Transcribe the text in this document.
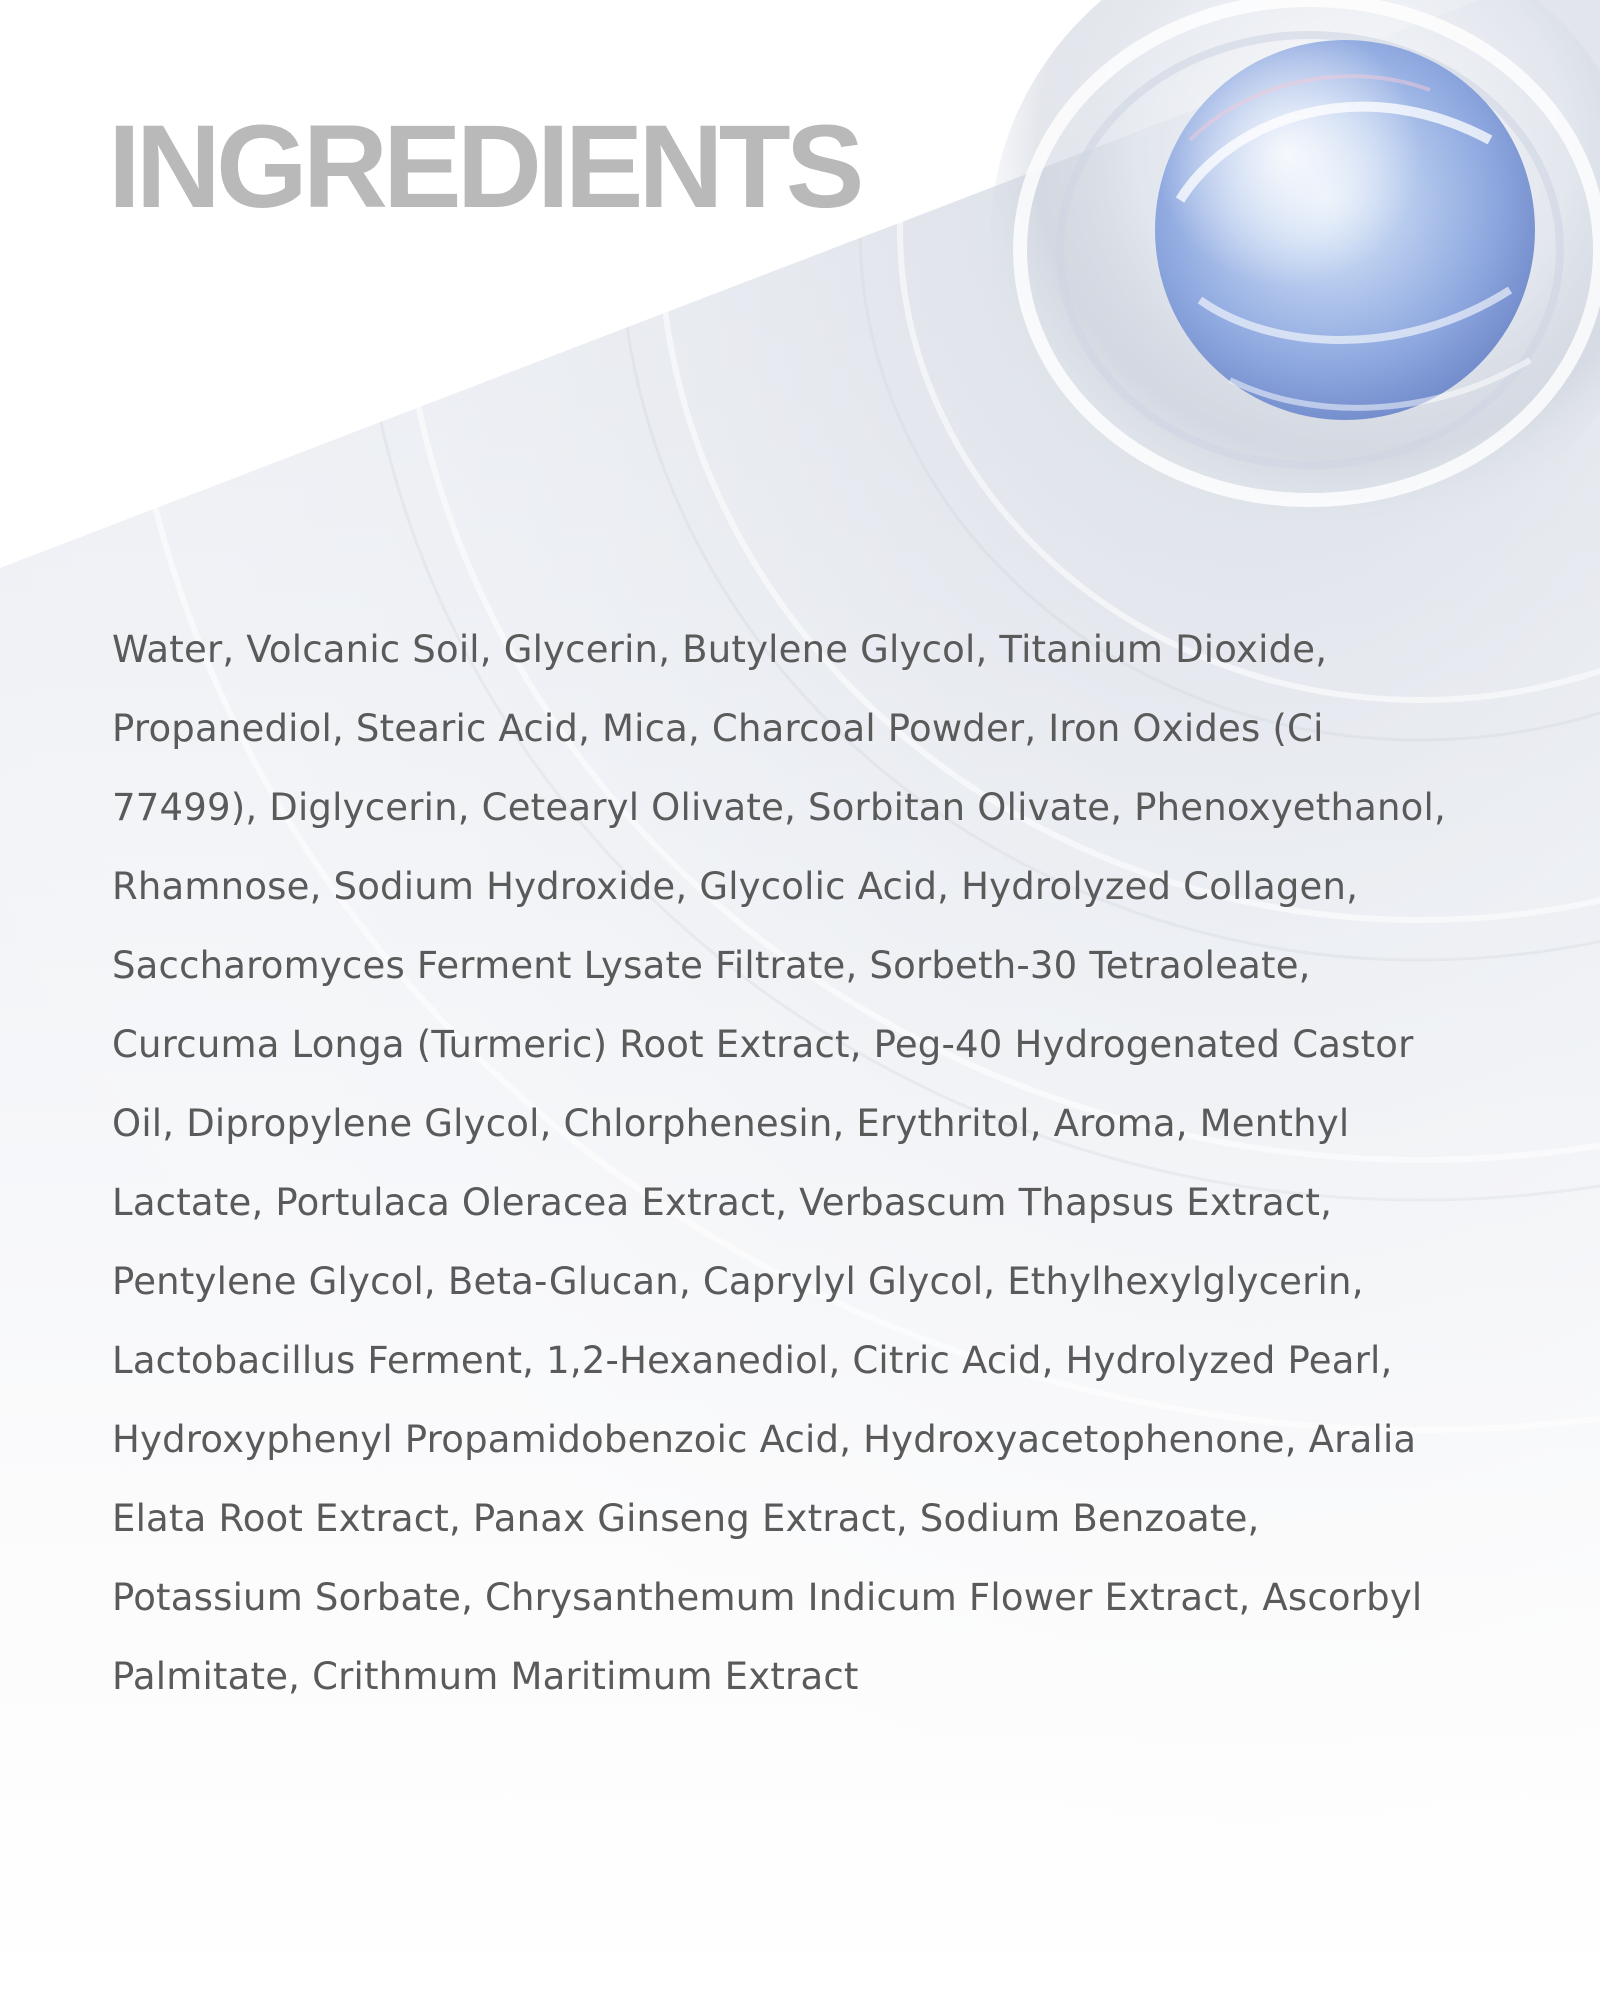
INGREDIENTS

Water, Volcanic Soil, Glycerin, Butylene Glycol, Titanium Dioxide,
Propanediol, Stearic Acid, Mica, Charcoal Powder, Iron Oxides (Ci
77499), Diglycerin, Cetearyl Olivate, Sorbitan Olivate, Phenoxyethanol,
Rhamnose, Sodium Hydroxide, Glycolic Acid, Hydrolyzed Collagen,
Saccharomyces Ferment Lysate Filtrate, Sorbeth-30 Tetraoleate,
Curcuma Longa (Turmeric) Root Extract, Peg-40 Hydrogenated Castor
Oil, Dipropylene Glycol, Chlorphenesin, Erythritol, Aroma, Menthyl
Lactate, Portulaca Oleracea Extract, Verbascum Thapsus Extract,
Pentylene Glycol, Beta-Glucan, Caprylyl Glycol, Ethylhexylglycerin,
Lactobacillus Ferment, 1,2-Hexanediol, Citric Acid, Hydrolyzed Pearl,
Hydroxyphenyl Propamidobenzoic Acid, Hydroxyacetophenone, Aralia
Elata Root Extract, Panax Ginseng Extract, Sodium Benzoate,
Potassium Sorbate, Chrysanthemum Indicum Flower Extract, Ascorbyl
Palmitate, Crithmum Maritimum Extract
